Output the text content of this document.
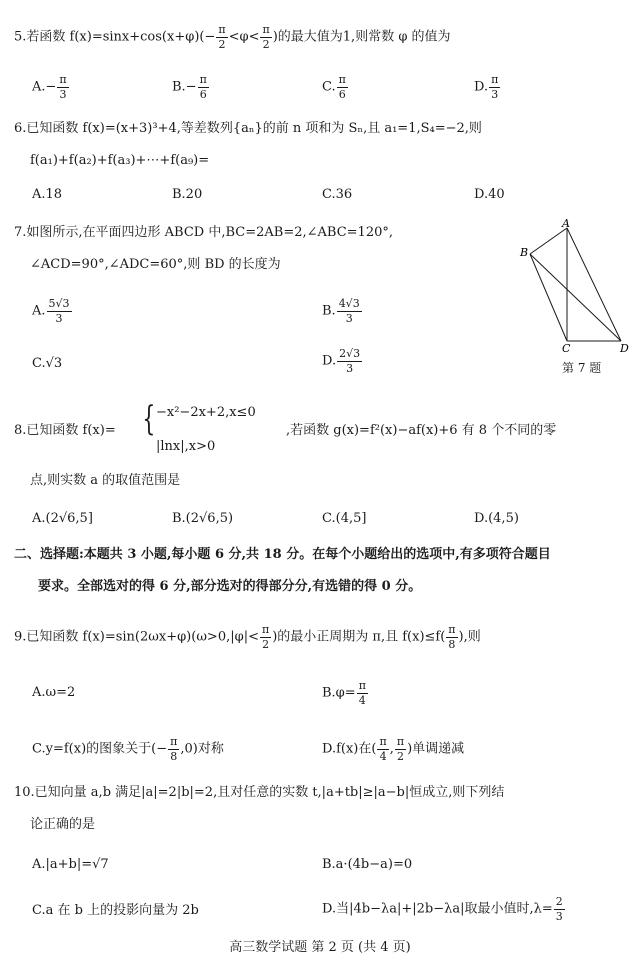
5.若函数 $f(x)=\sin x+\cos(x+\varphi)(- \frac{\pi}{2} <\varphi< \frac{\pi}{2}$ )的最大值为1,则常数 φ 的值为
$A.- \frac{\pi}{3}$	$B.- \frac{\pi}{6}$	C. $\frac{\pi}{6}$	D. $\frac{\pi}{3}$
6.已知函数 f(x)=(x+3)³+4,等差数列{aₙ}的前 n 项和为 Sₙ,且 a₁=1,S₄=−2,则
f(a₁)+f(a₂)+f(a₃)+⋯+f(a₉)=
A.18	B.20	C.36	D.40
7.如图所示,在平面四边形 ABCD 中,BC=2AB=2,∠ABC=120°,
∠ACD=90°,∠ADC=60°,则 BD 的长度为
A. $\frac{5√3}{3}$	B. $\frac{4√3}{3}$
C.√3	D. $\frac{2√3}{3}$
A
B
C	D
第 7 题
8.已知函数 f(x)= { −x²−2x+2,x≤0
|lnx|,x>0
,若函数 g(x)=f²(x)−af(x)+6 有 8 个不同的零
点,则实数 a 的取值范围是
A.(2√6,5]	B.(2√6,5)	C.(4,5]	D.(4,5)
二、选择题:本题共 3 小题,每小题 6 分,共 18 分。在每个小题给出的选项中,有多项符合题目
要求。全部选对的得 6 分,部分选对的得部分分,有选错的得 0 分。
9.已知函数 $f(x)=\sin(2\omega x+\varphi)(\omega>0,|\varphi|< \frac{\pi}{2}$ )的最小正周期为 π,且 $f(x)\le f( \frac{\pi}{8}$ ),则
A.ω=2	$B.\varphi= \frac{\pi}{4}$
C.y=f(x)的图象关于(− $\frac{\pi}{8} ,0$)对称	D.f(x)在( $\frac{\pi}{4}$ , $\frac{\pi}{2}$ )单调递减
10.已知向量 a,b 满足|a|=2|b|=2,且对任意的实数 t,|a+tb|≥|a−b|恒成立,则下列结
论正确的是
A.|a+b|=√7	B.a·(4b−a)=0
C.a 在 b 上的投影向量为 2b	D.当|4b−λa|+|2b−λa|取最小值时$,\lambda= \frac{2}{3}$
高三数学试题 第 2 页 (共 4 页)
